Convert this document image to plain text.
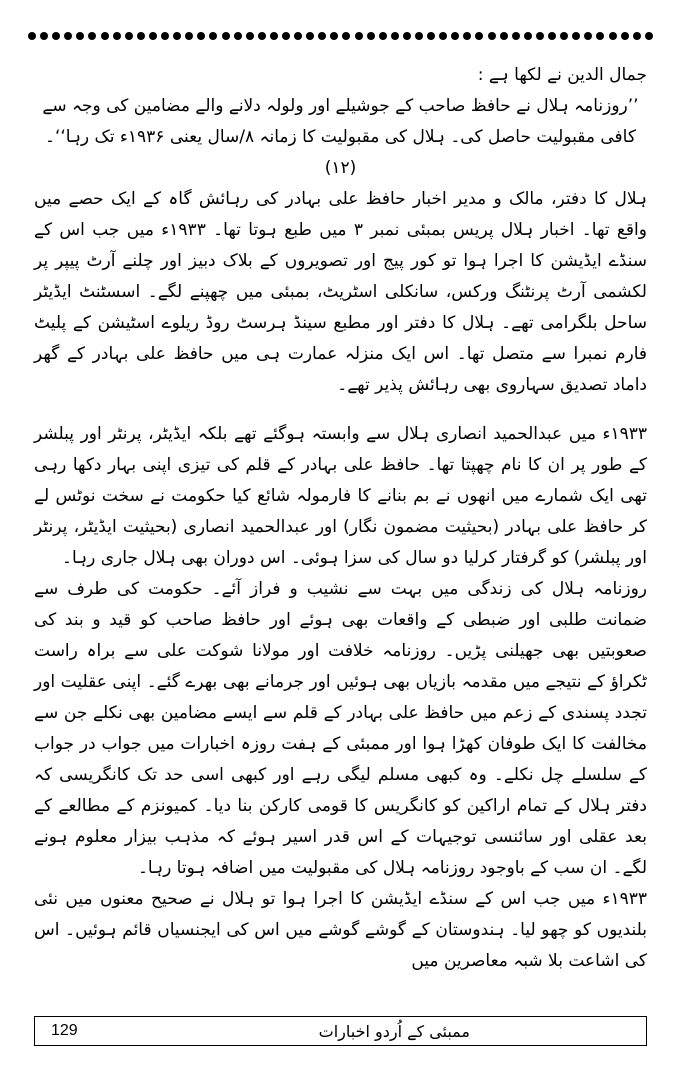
جمال الدین نے لکھا ہے :

’’روزنامہ ہلال نے حافظ صاحب کے جوشیلے اور ولولہ دلانے والے مضامین کی وجہ سے کافی مقبولیت حاصل کی۔ ہلال کی مقبولیت کا زمانہ ۸/سال یعنی ۱۹۳۶ء تک رہا‘‘۔ (۱۲)

ہلال کا دفتر، مالک و مدیر اخبار حافظ علی بہادر کی رہائش گاہ کے ایک حصے میں واقع تھا۔ اخبار ہلال پریس بمبئی نمبر ۳ میں طبع ہوتا تھا۔ ۱۹۳۳ء میں جب اس کے سنڈے ایڈیشن کا اجرا ہوا تو کور پیج اور تصویروں کے بلاک دبیز اور چلنے آرٹ پیپر پر لکشمی آرٹ پرنٹنگ ورکس، سانکلی اسٹریٹ، بمبئی میں چھپنے لگے۔ اسسٹنٹ ایڈیٹر ساحل بلگرامی تھے۔ ہلال کا دفتر اور مطبع سینڈ ہرسٹ روڈ ریلوے اسٹیشن کے پلیٹ فارم نمبرا سے متصل تھا۔ اس ایک منزلہ عمارت ہی میں حافظ علی بہادر کے گھر داماد تصدیق سہاروی بھی رہائش پذیر تھے۔

۱۹۳۳ء میں عبدالحمید انصاری ہلال سے وابستہ ہوگئے تھے بلکہ ایڈیٹر، پرنٹر اور پبلشر کے طور پر ان کا نام چھپتا تھا۔ حافظ علی بہادر کے قلم کی تیزی اپنی بہار دکھا رہی تھی ایک شمارے میں انھوں نے بم بنانے کا فارمولہ شائع کیا حکومت نے سخت نوٹس لے کر حافظ علی بہادر (بحیثیت مضمون نگار) اور عبدالحمید انصاری (بحیثیت ایڈیٹر، پرنٹر اور پبلشر) کو گرفتار کرلیا دو سال کی سزا ہوئی۔ اس دوران بھی ہلال جاری رہا۔

روزنامہ ہلال کی زندگی میں بہت سے نشیب و فراز آئے۔ حکومت کی طرف سے ضمانت طلبی اور ضبطی کے واقعات بھی ہوئے اور حافظ صاحب کو قید و بند کی صعوبتیں بھی جھیلنی پڑیں۔ روزنامہ خلافت اور مولانا شوکت علی سے براہ راست ٹکراؤ کے نتیجے میں مقدمہ بازیاں بھی ہوئیں اور جرمانے بھی بھرے گئے۔ اپنی عقلیت اور تجدد پسندی کے زعم میں حافظ علی بہادر کے قلم سے ایسے مضامین بھی نکلے جن سے مخالفت کا ایک طوفان کھڑا ہوا اور ممبئی کے ہفت روزہ اخبارات میں جواب در جواب کے سلسلے چل نکلے۔ وہ کبھی مسلم لیگی رہے اور کبھی اسی حد تک کانگریسی کہ دفتر ہلال کے تمام اراکین کو کانگریس کا قومی کارکن بنا دیا۔ کمیونزم کے مطالعے کے بعد عقلی اور سائنسی توجیہات کے اس قدر اسیر ہوئے کہ مذہب بیزار معلوم ہونے لگے۔ ان سب کے باوجود روزنامہ ہلال کی مقبولیت میں اضافہ ہوتا رہا۔

۱۹۳۳ء میں جب اس کے سنڈے ایڈیشن کا اجرا ہوا تو ہلال نے صحیح معنوں میں نئی بلندیوں کو چھو لیا۔ ہندوستان کے گوشے گوشے میں اس کی ایجنسیاں قائم ہوئیں۔ اس کی اشاعت بلا شبہ معاصرین میں

129	ممبئی کے اُردو اخبارات
